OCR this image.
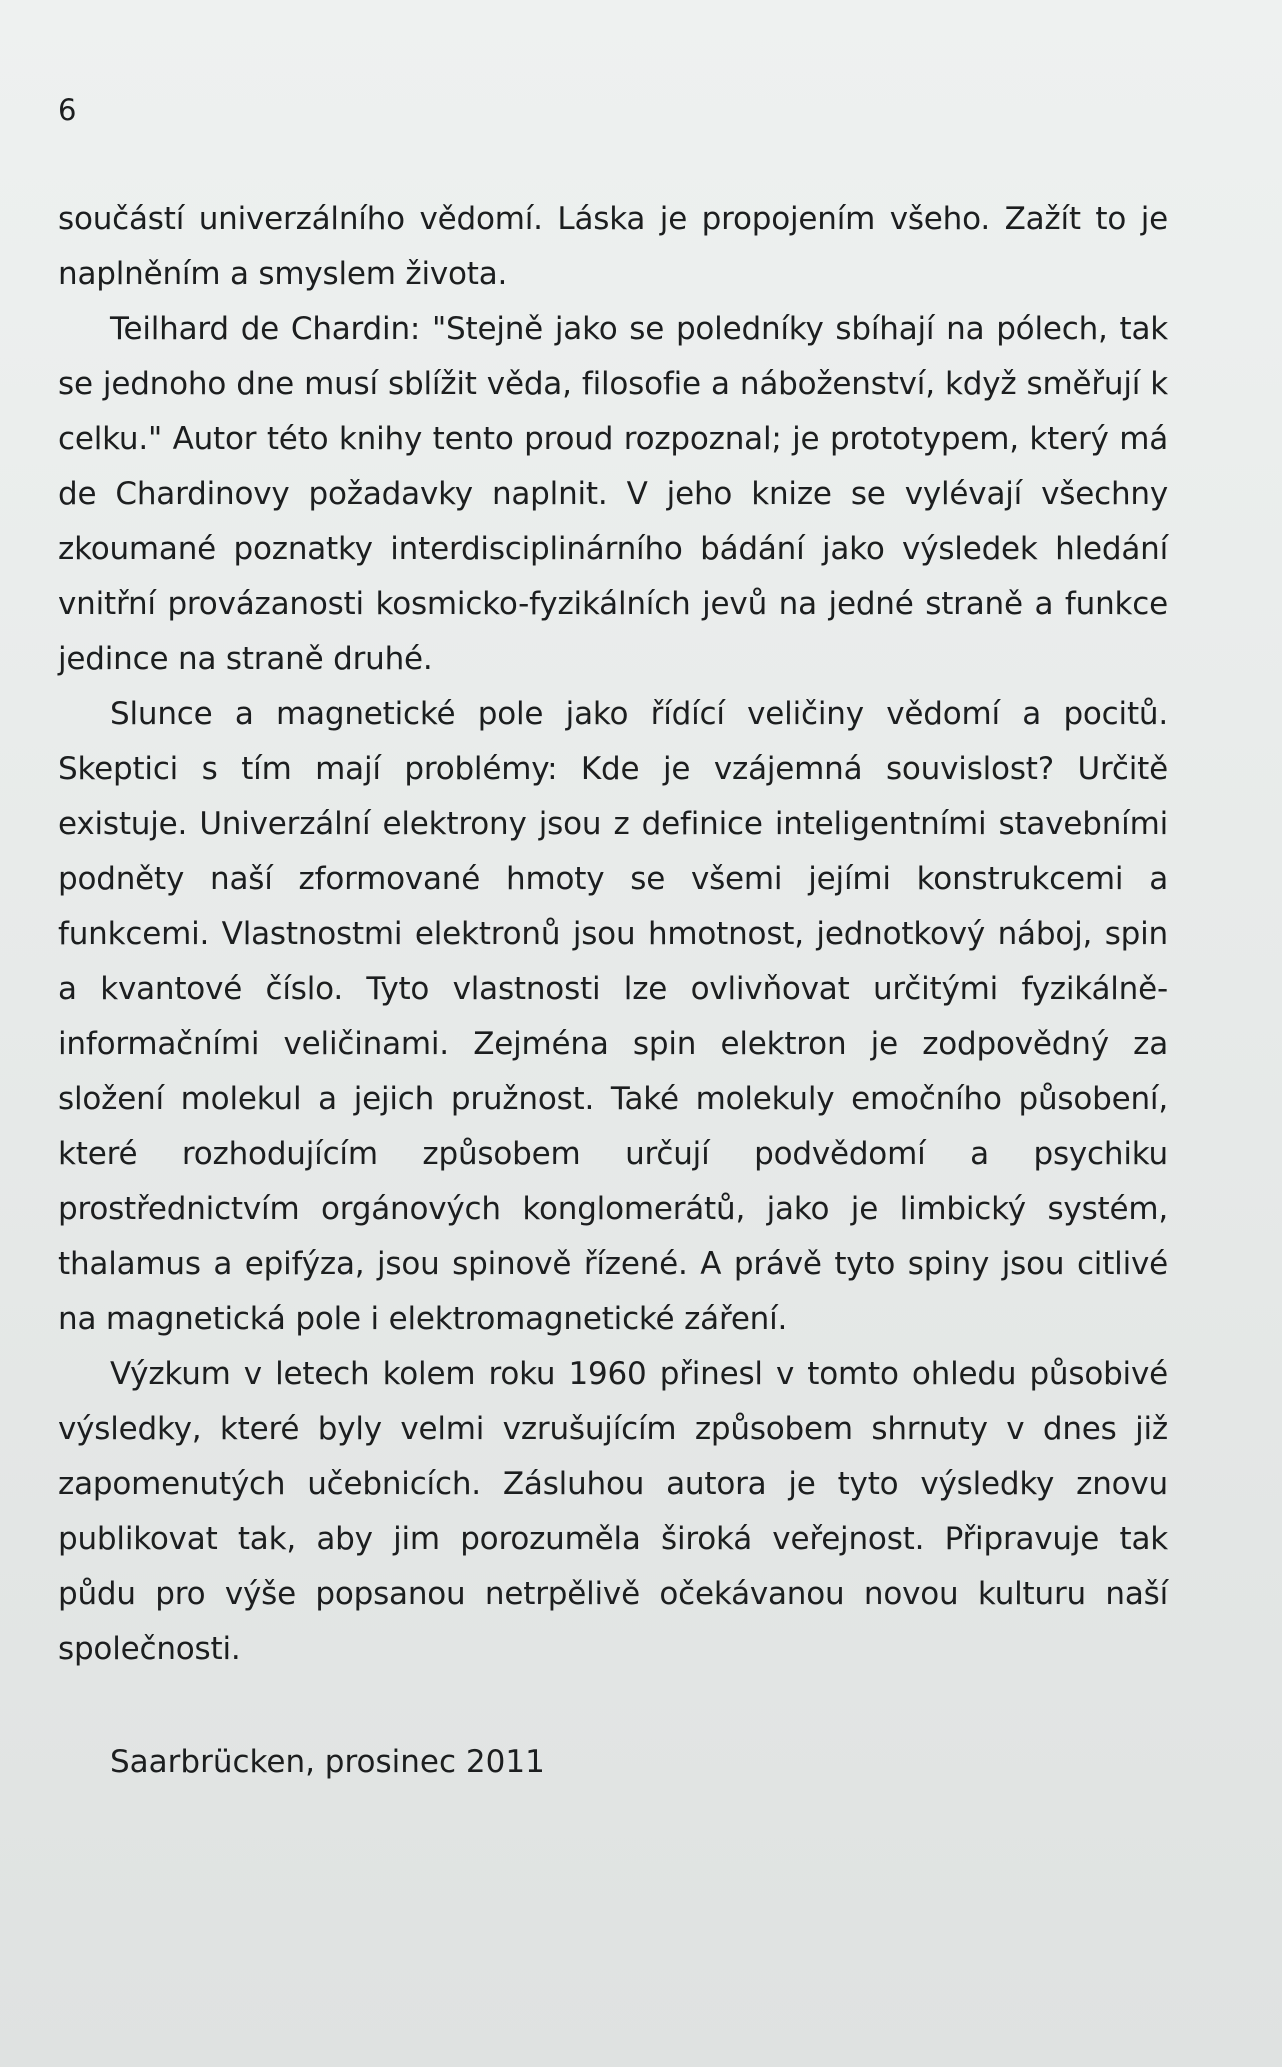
6

součástí univerzálního vědomí. Láska je propojením všeho. Zažít to je naplněním a smyslem života.

Teilhard de Chardin: "Stejně jako se poledníky sbíhají na pólech, tak se jednoho dne musí sblížit věda, filosofie a náboženství, když směřují k celku." Autor této knihy tento proud rozpoznal; je prototypem, který má de Chardinovy požadavky naplnit. V jeho knize se vylévají všechny zkoumané poznatky interdisciplinárního bádání jako výsledek hledání vnitřní provázanosti kosmicko-fyzikálních jevů na jedné straně a funkce jedince na straně druhé.

Slunce a magnetické pole jako řídící veličiny vědomí a pocitů. Skeptici s tím mají problémy: Kde je vzájemná souvislost? Určitě existuje. Univerzální elektrony jsou z definice inteligentními stavebními podněty naší zformované hmoty se všemi jejími konstrukcemi a funkcemi. Vlastnostmi elektronů jsou hmotnost, jednotkový náboj, spin a kvantové číslo. Tyto vlastnosti lze ovlivňovat určitými fyzikálně-informačními veličinami. Zejména spin elektron je zodpovědný za složení molekul a jejich pružnost. Také molekuly emočního působení, které rozhodujícím způsobem určují podvědomí a psychiku prostřednictvím orgánových konglomerátů, jako je limbický systém, thalamus a epifýza, jsou spinově řízené. A právě tyto spiny jsou citlivé na magnetická pole i elektromagnetické záření.

Výzkum v letech kolem roku 1960 přinesl v tomto ohledu působivé výsledky, které byly velmi vzrušujícím způsobem shrnuty v dnes již zapomenutých učebnicích. Zásluhou autora je tyto výsledky znovu publikovat tak, aby jim porozuměla široká veřejnost. Připravuje tak půdu pro výše popsanou netrpělivě očekávanou novou kulturu naší společnosti.

Saarbrücken, prosinec 2011
